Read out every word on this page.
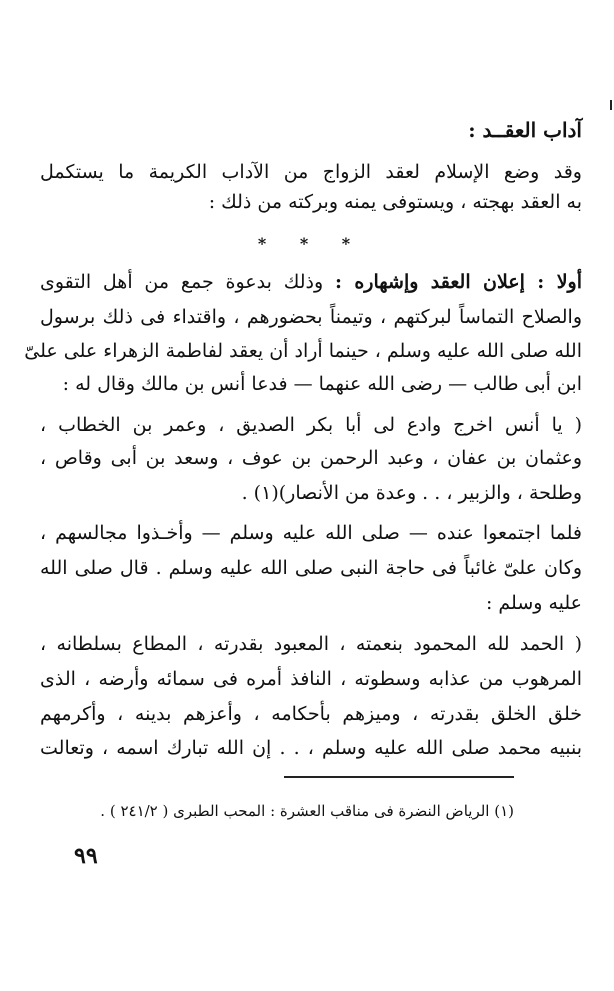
آداب العقــد :
وقد وضع الإسلام لعقد الزواج من الآداب الكريمة ما يستكمل
به العقد بهجته ، ويستوفى يمنه وبركته من ذلك :
* * *
أولا : إعلان العقد وإشهاره : وذلك بدعوة جمع من أهل التقوى
والصلاح التماساً لبركتهم ، وتيمناً بحضورهم ، واقتداء فى ذلك برسول
الله صلى الله عليه وسلم ، حينما أراد أن يعقد لفاطمة الزهراء على علىّ
ابن أبى طالب — رضى الله عنهما — فدعا أنس بن مالك وقال له :
( يا أنس اخرج وادع لى أبا بكر الصديق ، وعمر بن الخطاب ،
وعثمان بن عفان ، وعبد الرحمن بن عوف ، وسعد بن أبى وقاص ،
وطلحة ، والزبير ، . . وعدة من الأنصار)(١) .
فلما اجتمعوا عنده — صلى الله عليه وسلم — وأخـذوا مجالسهم ،
وكان علىّ غائباً فى حاجة النبى صلى الله عليه وسلم . قال صلى الله
عليه وسلم :
( الحمد لله المحمود بنعمته ، المعبود بقدرته ، المطاع بسلطانه ،
المرهوب من عذابه وسطوته ، النافذ أمره فى سمائه وأرضه ، الذى
خلق الخلق بقدرته ، وميزهم بأحكامه ، وأعزهم بدينه ، وأكرمهم
بنبيه محمد صلى الله عليه وسلم ، . . إن الله تبارك اسمه ، وتعالت
(١) الرياض النضرة فى مناقب العشرة : المحب الطبرى ( ٢٤١/٢ ) .
٩٩
